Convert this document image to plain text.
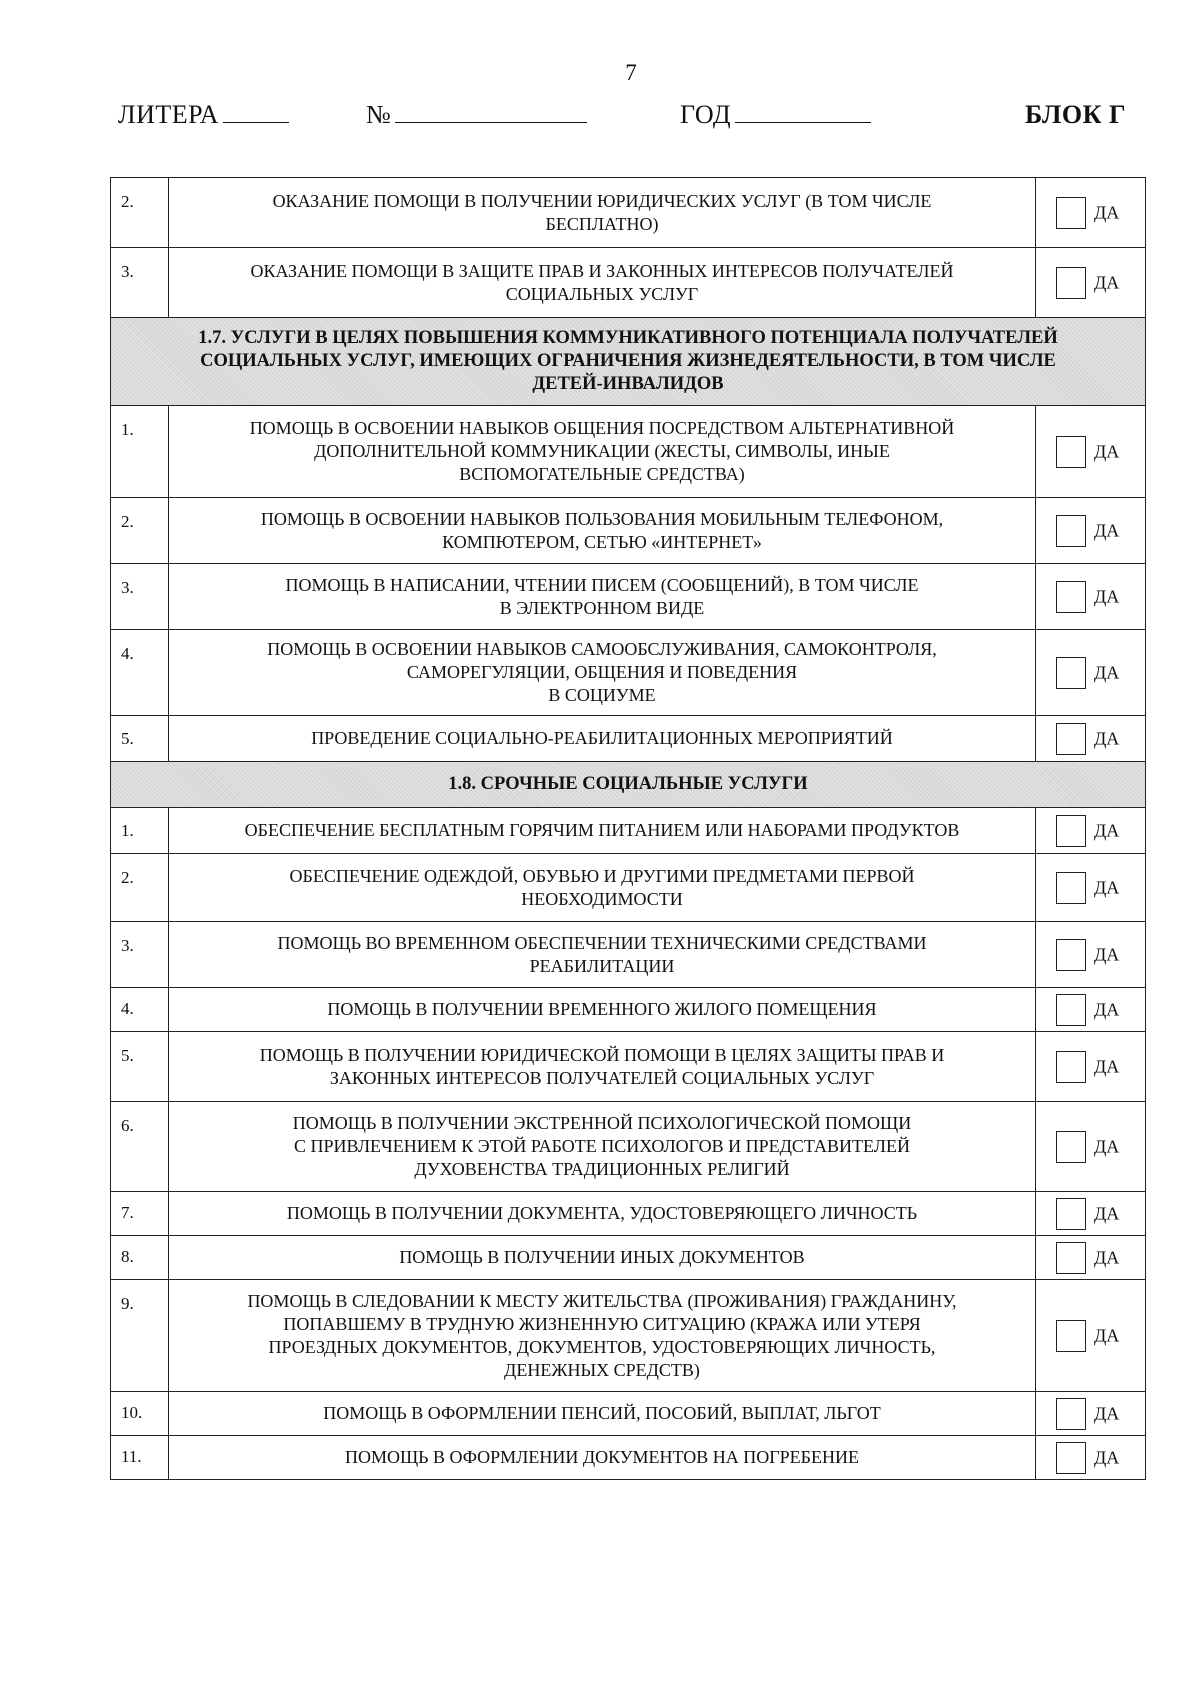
7
ЛИТЕРА	№	ГОД	БЛОК Г
2.	ОКАЗАНИЕ ПОМОЩИ В ПОЛУЧЕНИИ ЮРИДИЧЕСКИХ УСЛУГ (В ТОМ ЧИСЛЕ
БЕСПЛАТНО)	ДА
3.	ОКАЗАНИЕ ПОМОЩИ В ЗАЩИТЕ ПРАВ И ЗАКОННЫХ ИНТЕРЕСОВ ПОЛУЧАТЕЛЕЙ
СОЦИАЛЬНЫХ УСЛУГ	ДА

1.7. УСЛУГИ В ЦЕЛЯХ ПОВЫШЕНИЯ КОММУНИКАТИВНОГО ПОТЕНЦИАЛА ПОЛУЧАТЕЛЕЙ
СОЦИАЛЬНЫХ УСЛУГ, ИМЕЮЩИХ ОГРАНИЧЕНИЯ ЖИЗНЕДЕЯТЕЛЬНОСТИ, В ТОМ ЧИСЛЕ
ДЕТЕЙ-ИНВАЛИДОВ		

1.	ПОМОЩЬ В ОСВОЕНИИ НАВЫКОВ ОБЩЕНИЯ ПОСРЕДСТВОМ АЛЬТЕРНАТИВНОЙ
ДОПОЛНИТЕЛЬНОЙ КОММУНИКАЦИИ (ЖЕСТЫ, СИМВОЛЫ, ИНЫЕ
ВСПОМОГАТЕЛЬНЫЕ СРЕДСТВА)	ДА
2.	ПОМОЩЬ В ОСВОЕНИИ НАВЫКОВ ПОЛЬЗОВАНИЯ МОБИЛЬНЫМ ТЕЛЕФОНОМ,
КОМПЮТЕРОМ, СЕТЬЮ «ИНТЕРНЕТ»	ДА
3.	ПОМОЩЬ В НАПИСАНИИ, ЧТЕНИИ ПИСЕМ (СООБЩЕНИЙ), В ТОМ ЧИСЛЕ
В ЭЛЕКТРОННОМ ВИДЕ	ДА
4.	ПОМОЩЬ В ОСВОЕНИИ НАВЫКОВ САМООБСЛУЖИВАНИЯ, САМОКОНТРОЛЯ,
САМОРЕГУЛЯЦИИ, ОБЩЕНИЯ И ПОВЕДЕНИЯ
В СОЦИУМЕ	ДА
5.	ПРОВЕДЕНИЕ СОЦИАЛЬНО-РЕАБИЛИТАЦИОННЫХ МЕРОПРИЯТИЙ	ДА

1.8. СРОЧНЫЕ СОЦИАЛЬНЫЕ УСЛУГИ		

1.	ОБЕСПЕЧЕНИЕ БЕСПЛАТНЫМ ГОРЯЧИМ ПИТАНИЕМ ИЛИ НАБОРАМИ ПРОДУКТОВ	ДА
2.	ОБЕСПЕЧЕНИЕ ОДЕЖДОЙ, ОБУВЬЮ И ДРУГИМИ ПРЕДМЕТАМИ ПЕРВОЙ
НЕОБХОДИМОСТИ	ДА
3.	ПОМОЩЬ ВО ВРЕМЕННОМ ОБЕСПЕЧЕНИИ ТЕХНИЧЕСКИМИ СРЕДСТВАМИ
РЕАБИЛИТАЦИИ	ДА
4.	ПОМОЩЬ В ПОЛУЧЕНИИ ВРЕМЕННОГО ЖИЛОГО ПОМЕЩЕНИЯ	ДА
5.	ПОМОЩЬ В ПОЛУЧЕНИИ ЮРИДИЧЕСКОЙ ПОМОЩИ В ЦЕЛЯХ ЗАЩИТЫ ПРАВ И
ЗАКОННЫХ ИНТЕРЕСОВ ПОЛУЧАТЕЛЕЙ СОЦИАЛЬНЫХ УСЛУГ	ДА
6.	ПОМОЩЬ В ПОЛУЧЕНИИ ЭКСТРЕННОЙ ПСИХОЛОГИЧЕСКОЙ ПОМОЩИ
С ПРИВЛЕЧЕНИЕМ К ЭТОЙ РАБОТЕ ПСИХОЛОГОВ И ПРЕДСТАВИТЕЛЕЙ
ДУХОВЕНСТВА ТРАДИЦИОННЫХ РЕЛИГИЙ	ДА
7.	ПОМОЩЬ В ПОЛУЧЕНИИ ДОКУМЕНТА, УДОСТОВЕРЯЮЩЕГО ЛИЧНОСТЬ	ДА
8.	ПОМОЩЬ В ПОЛУЧЕНИИ ИНЫХ ДОКУМЕНТОВ	ДА
9.	ПОМОЩЬ В СЛЕДОВАНИИ К МЕСТУ ЖИТЕЛЬСТВА (ПРОЖИВАНИЯ) ГРАЖДАНИНУ,
ПОПАВШЕМУ В ТРУДНУЮ ЖИЗНЕННУЮ СИТУАЦИЮ (КРАЖА ИЛИ УТЕРЯ
ПРОЕЗДНЫХ ДОКУМЕНТОВ, ДОКУМЕНТОВ, УДОСТОВЕРЯЮЩИХ ЛИЧНОСТЬ,
ДЕНЕЖНЫХ СРЕДСТВ)	ДА
10.	ПОМОЩЬ В ОФОРМЛЕНИИ ПЕНСИЙ, ПОСОБИЙ, ВЫПЛАТ, ЛЬГОТ	ДА
11.	ПОМОЩЬ В ОФОРМЛЕНИИ ДОКУМЕНТОВ НА ПОГРЕБЕНИЕ	ДА
